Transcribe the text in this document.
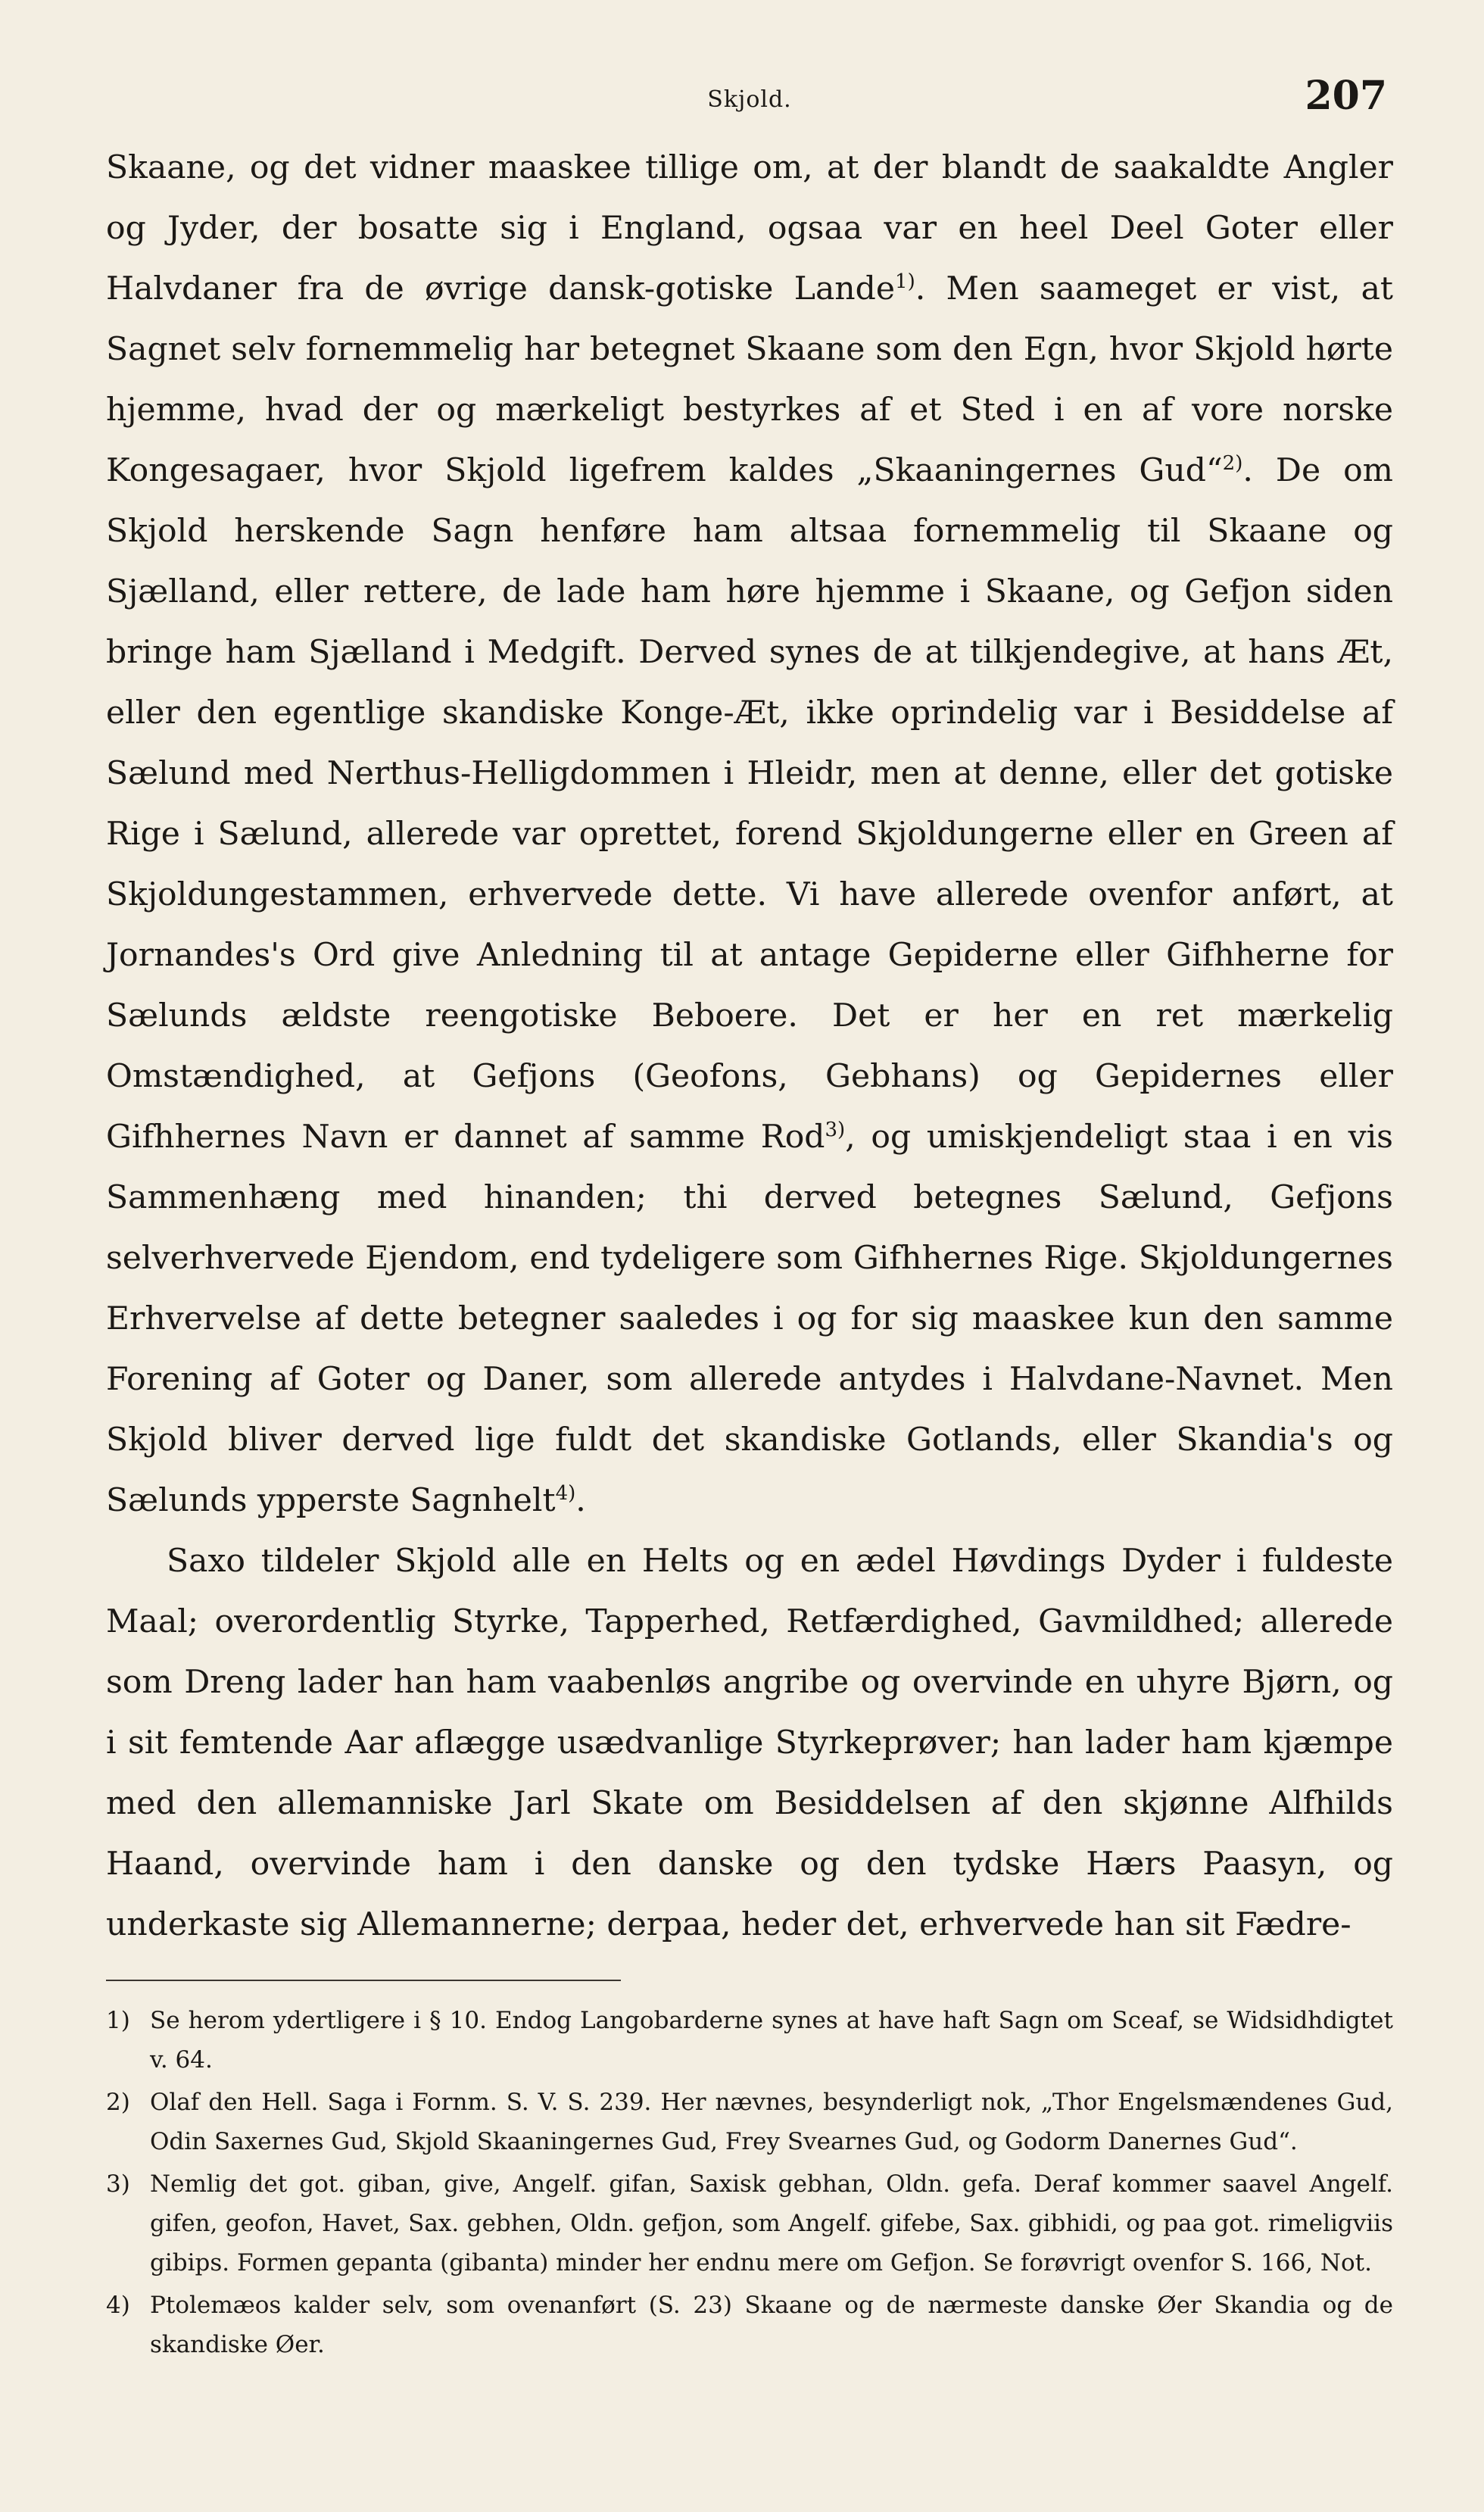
Skjold.	207

Skaane, og det vidner maaskee tillige om, at der blandt de saakaldte Angler og Jyder, der bosatte sig i England, ogsaa var en heel Deel Goter eller Halvdaner fra de øvrige dansk-gotiske Lande$^{1)}$. Men saameget er vist, at Sagnet selv fornemmelig har betegnet Skaane som den Egn, hvor Skjold hørte hjemme, hvad der og mærkeligt bestyrkes af et Sted i en af vore norske Kongesagaer, hvor Skjold ligefrem kaldes „Skaaningernes Gud“$^{2)}$. De om Skjold herskende Sagn henføre ham altsaa fornemmelig til Skaane og Sjælland, eller rettere, de lade ham høre hjemme i Skaane, og Gefjon siden bringe ham Sjælland i Medgift. Derved synes de at tilkjendegive, at hans Æt, eller den egentlige skandiske Konge-Æt, ikke oprindelig var i Besiddelse af Sælund med Nerthus-Helligdommen i Hleidr, men at denne, eller det gotiske Rige i Sælund, allerede var oprettet, forend Skjoldungerne eller en Green af Skjoldungestammen, erhvervede dette. Vi have allerede ovenfor anført, at Jornandes's Ord give Anledning til at antage Gepiderne eller Gifhherne for Sælunds ældste reengotiske Beboere. Det er her en ret mærkelig Omstændighed, at Gefjons (Geofons, Gebhans) og Gepidernes eller Gifhhernes Navn er dannet af samme Rod$^{3)}$, og umiskjendeligt staa i en vis Sammenhæng med hinanden; thi derved betegnes Sælund, Gefjons selverhvervede Ejendom, end tydeligere som Gifhhernes Rige. Skjoldungernes Erhvervelse af dette betegner saaledes i og for sig maaskee kun den samme Forening af Goter og Daner, som allerede antydes i Halvdane-Navnet. Men Skjold bliver derved lige fuldt det skandiske Gotlands, eller Skandia's og Sælunds ypperste Sagnhelt$^{4)}$.

Saxo tildeler Skjold alle en Helts og en ædel Høvdings Dyder i fuldeste Maal; overordentlig Styrke, Tapperhed, Retfærdighed, Gavmildhed; allerede som Dreng lader han ham vaabenløs angribe og overvinde en uhyre Bjørn, og i sit femtende Aar aflægge usædvanlige Styrkeprøver; han lader ham kjæmpe med den allemanniske Jarl Skate om Besiddelsen af den skjønne Alfhilds Haand, overvinde ham i den danske og den tydske Hærs Paasyn, og underkaste sig Allemannerne; derpaa, heder det, erhvervede han sit Fædre-

1) Se herom ydertligere i § 10. Endog Langobarderne synes at have haft Sagn om Sceaf, se Widsidhdigtet v. 64.
2) Olaf den Hell. Saga i Fornm. S. V. S. 239. Her nævnes, besynderligt nok, „Thor Engelsmændenes Gud, Odin Saxernes Gud, Skjold Skaaningernes Gud, Frey Svearnes Gud, og Godorm Danernes Gud“.
3) Nemlig det got. giban, give, Angelf. gifan, Saxisk gebhan, Oldn. gefa. Deraf kommer saavel Angelf. gifen, geofon, Havet, Sax. gebhen, Oldn. gefjon, som Angelf. gifebe, Sax. gibhidi, og paa got. rimeligviis gibips. Formen gepanta (gibanta) minder her endnu mere om Gefjon. Se forøvrigt ovenfor S. 166, Not.
4) Ptolemæos kalder selv, som ovenanført (S. 23) Skaane og de nærmeste danske Øer Skandia og de skandiske Øer.
